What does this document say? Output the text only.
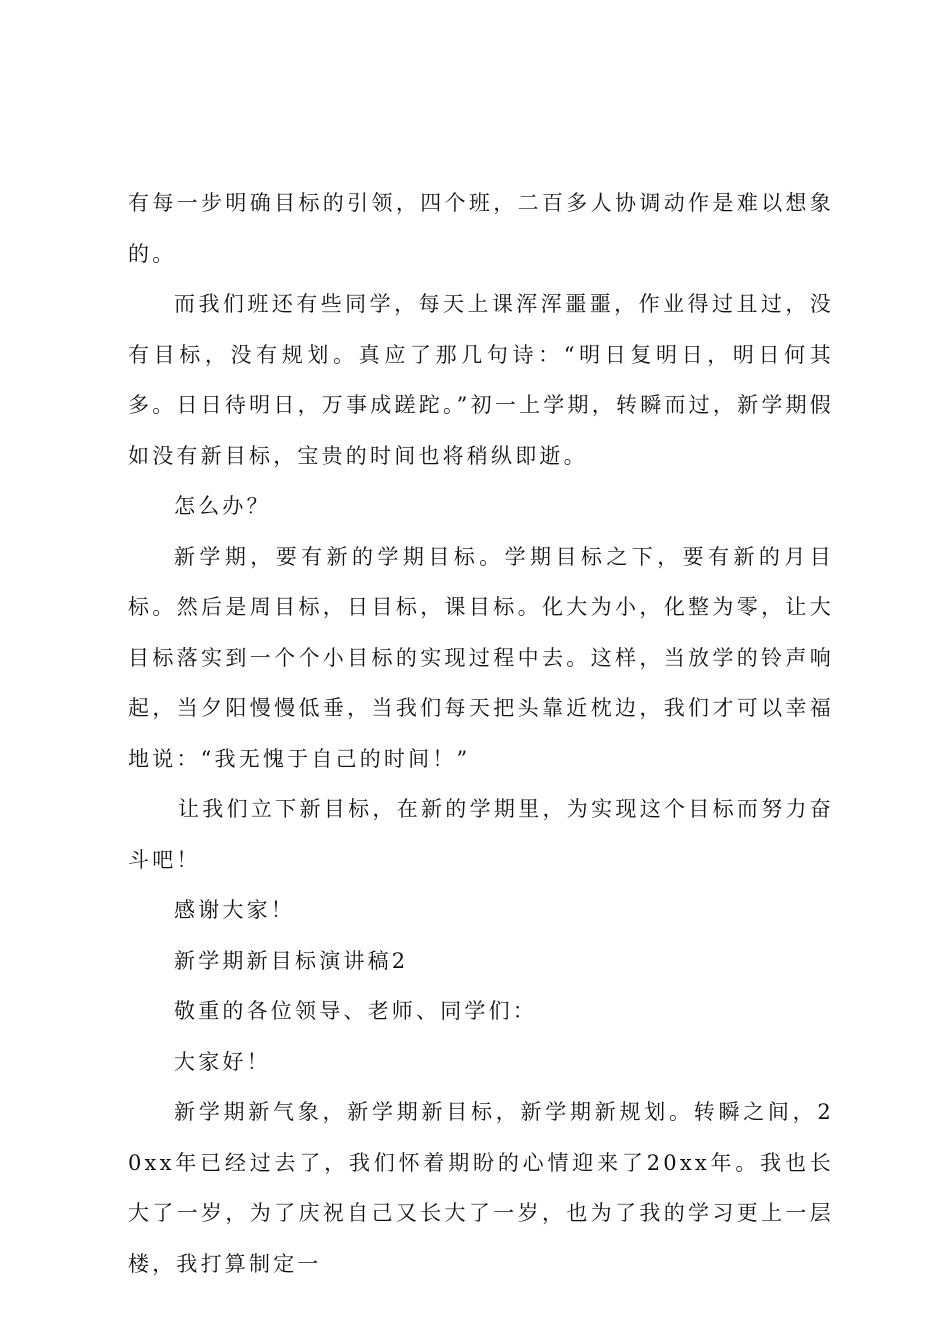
有每一步明确目标的引领，四个班，二百多人协调动作是难以想象的。

而我们班还有些同学，每天上课浑浑噩噩，作业得过且过，没有目标，没有规划。真应了那几句诗：“明日复明日，明日何其多。日日待明日，万事成蹉跎。”初一上学期，转瞬而过，新学期假如没有新目标，宝贵的时间也将稍纵即逝。

怎么办？

新学期，要有新的学期目标。学期目标之下，要有新的月目标。然后是周目标，日目标，课目标。化大为小，化整为零，让大目标落实到一个个小目标的实现过程中去。这样，当放学的铃声响起，当夕阳慢慢低垂，当我们每天把头靠近枕边，我们才可以幸福地说：“我无愧于自己的时间！”

让我们立下新目标，在新的学期里，为实现这个目标而努力奋斗吧！

感谢大家！

新学期新目标演讲稿2

敬重的各位领导、老师、同学们：

大家好！

新学期新气象，新学期新目标，新学期新规划。转瞬之间，20xx年已经过去了，我们怀着期盼的心情迎来了20xx年。我也长大了一岁，为了庆祝自己又长大了一岁，也为了我的学习更上一层楼，我打算制定一
